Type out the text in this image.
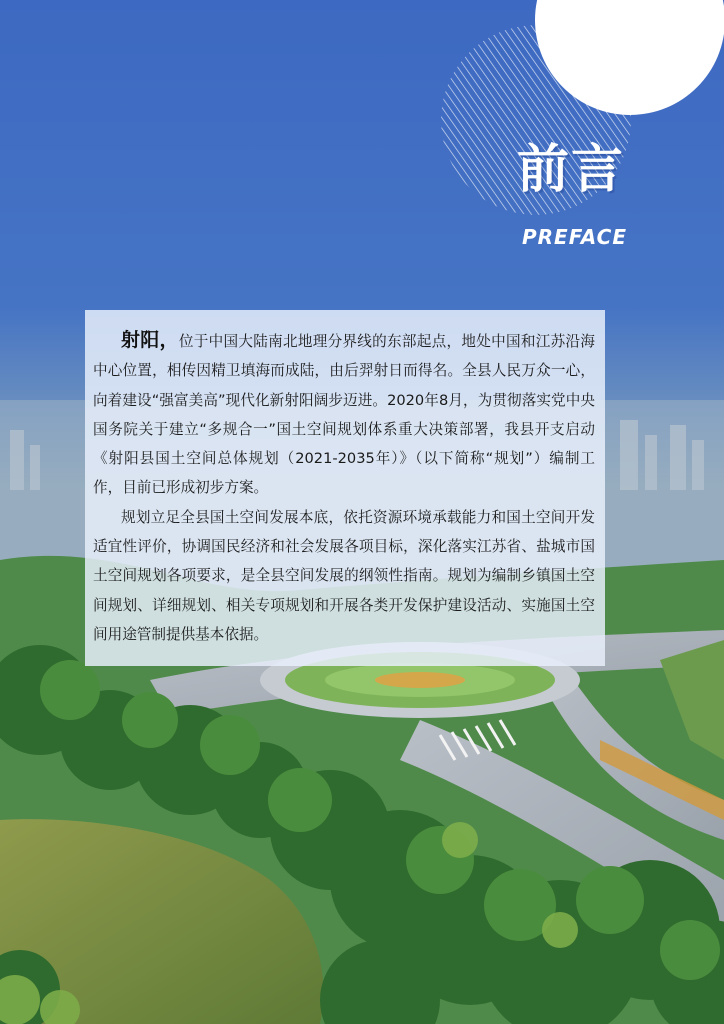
前言
PREFACE

射阳，位于中国大陆南北地理分界线的东部起点，地处中国和江苏沿海中心位置，相传因精卫填海而成陆，由后羿射日而得名。全县人民万众一心，向着建设“强富美高”现代化新射阳阔步迈进。2020年8月，为贯彻落实党中央 国务院关于建立“多规合一”国土空间规划体系重大决策部署，我县开支启动《射阳县国土空间总体规划（2021-2035年）》（以下简称“规划”）编制工作，目前已形成初步方案。

规划立足全县国土空间发展本底，依托资源环境承载能力和国土空间开发适宜性评价，协调国民经济和社会发展各项目标，深化落实江苏省、盐城市国土空间规划各项要求，是全县空间发展的纲领性指南。规划为编制乡镇国土空间规划、详细规划、相关专项规划和开展各类开发保护建设活动、实施国土空间用途管制提供基本依据。
